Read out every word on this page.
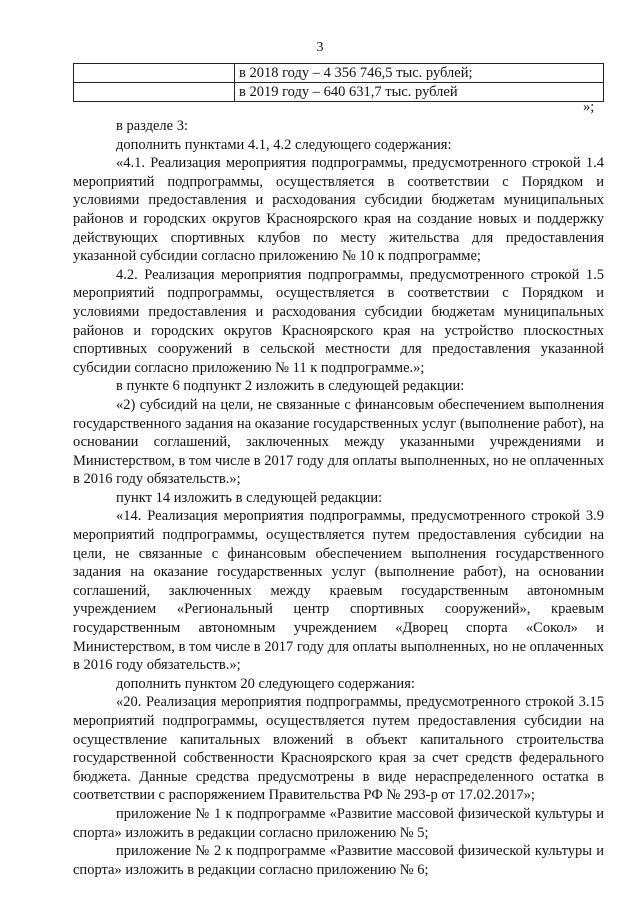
3
	в 2018 году – 4 356 746,5 тыс. рублей;
	в 2019 году – 640 631,7 тыс. рублей
»;

в разделе 3:

дополнить пунктами 4.1, 4.2 следующего содержания:

«4.1. Реализация мероприятия подпрограммы, предусмотренного строкой 1.4 мероприятий подпрограммы, осуществляется в соответствии с Порядком и условиями предоставления и расходования субсидии бюджетам муниципальных районов и городских округов Красноярского края на создание новых и поддержку действующих спортивных клубов по месту жительства для предоставления указанной субсидии согласно приложению № 10 к подпрограмме;

4.2. Реализация мероприятия подпрограммы, предусмотренного строкой 1.5 мероприятий подпрограммы, осуществляется в соответствии с Порядком и условиями предоставления и расходования субсидии бюджетам муниципальных районов и городских округов Красноярского края на устройство плоскостных спортивных сооружений в сельской местности для предоставления указанной субсидии согласно приложению № 11 к подпрограмме.»;

в пункте 6 подпункт 2 изложить в следующей редакции:

«2) субсидий на цели, не связанные с финансовым обеспечением выполнения государственного задания на оказание государственных услуг (выполнение работ), на основании соглашений, заключенных между указанными учреждениями и Министерством, в том числе в 2017 году для оплаты выполненных, но не оплаченных в 2016 году обязательств.»;

пункт 14 изложить в следующей редакции:

«14. Реализация мероприятия подпрограммы, предусмотренного строкой 3.9 мероприятий подпрограммы, осуществляется путем предоставления субсидии на цели, не связанные с финансовым обеспечением выполнения государственного задания на оказание государственных услуг (выполнение работ), на основании соглашений, заключенных между краевым государственным автономным учреждением «Региональный центр спортивных сооружений», краевым государственным автономным учреждением «Дворец спорта «Сокол» и Министерством, в том числе в 2017 году для оплаты выполненных, но не оплаченных в 2016 году обязательств.»;

дополнить пунктом 20 следующего содержания:

«20. Реализация мероприятия подпрограммы, предусмотренного строкой 3.15 мероприятий подпрограммы, осуществляется путем предоставления субсидии на осуществление капитальных вложений в объект капитального строительства государственной собственности Красноярского края за счет средств федерального бюджета. Данные средства предусмотрены в виде нераспределенного остатка в соответствии с распоряжением Правительства РФ № 293-р от 17.02.2017»;

приложение № 1 к подпрограмме «Развитие массовой физической культуры и спорта» изложить в редакции согласно приложению № 5;

приложение № 2 к подпрограмме «Развитие массовой физической культуры и спорта» изложить в редакции согласно приложению № 6;
